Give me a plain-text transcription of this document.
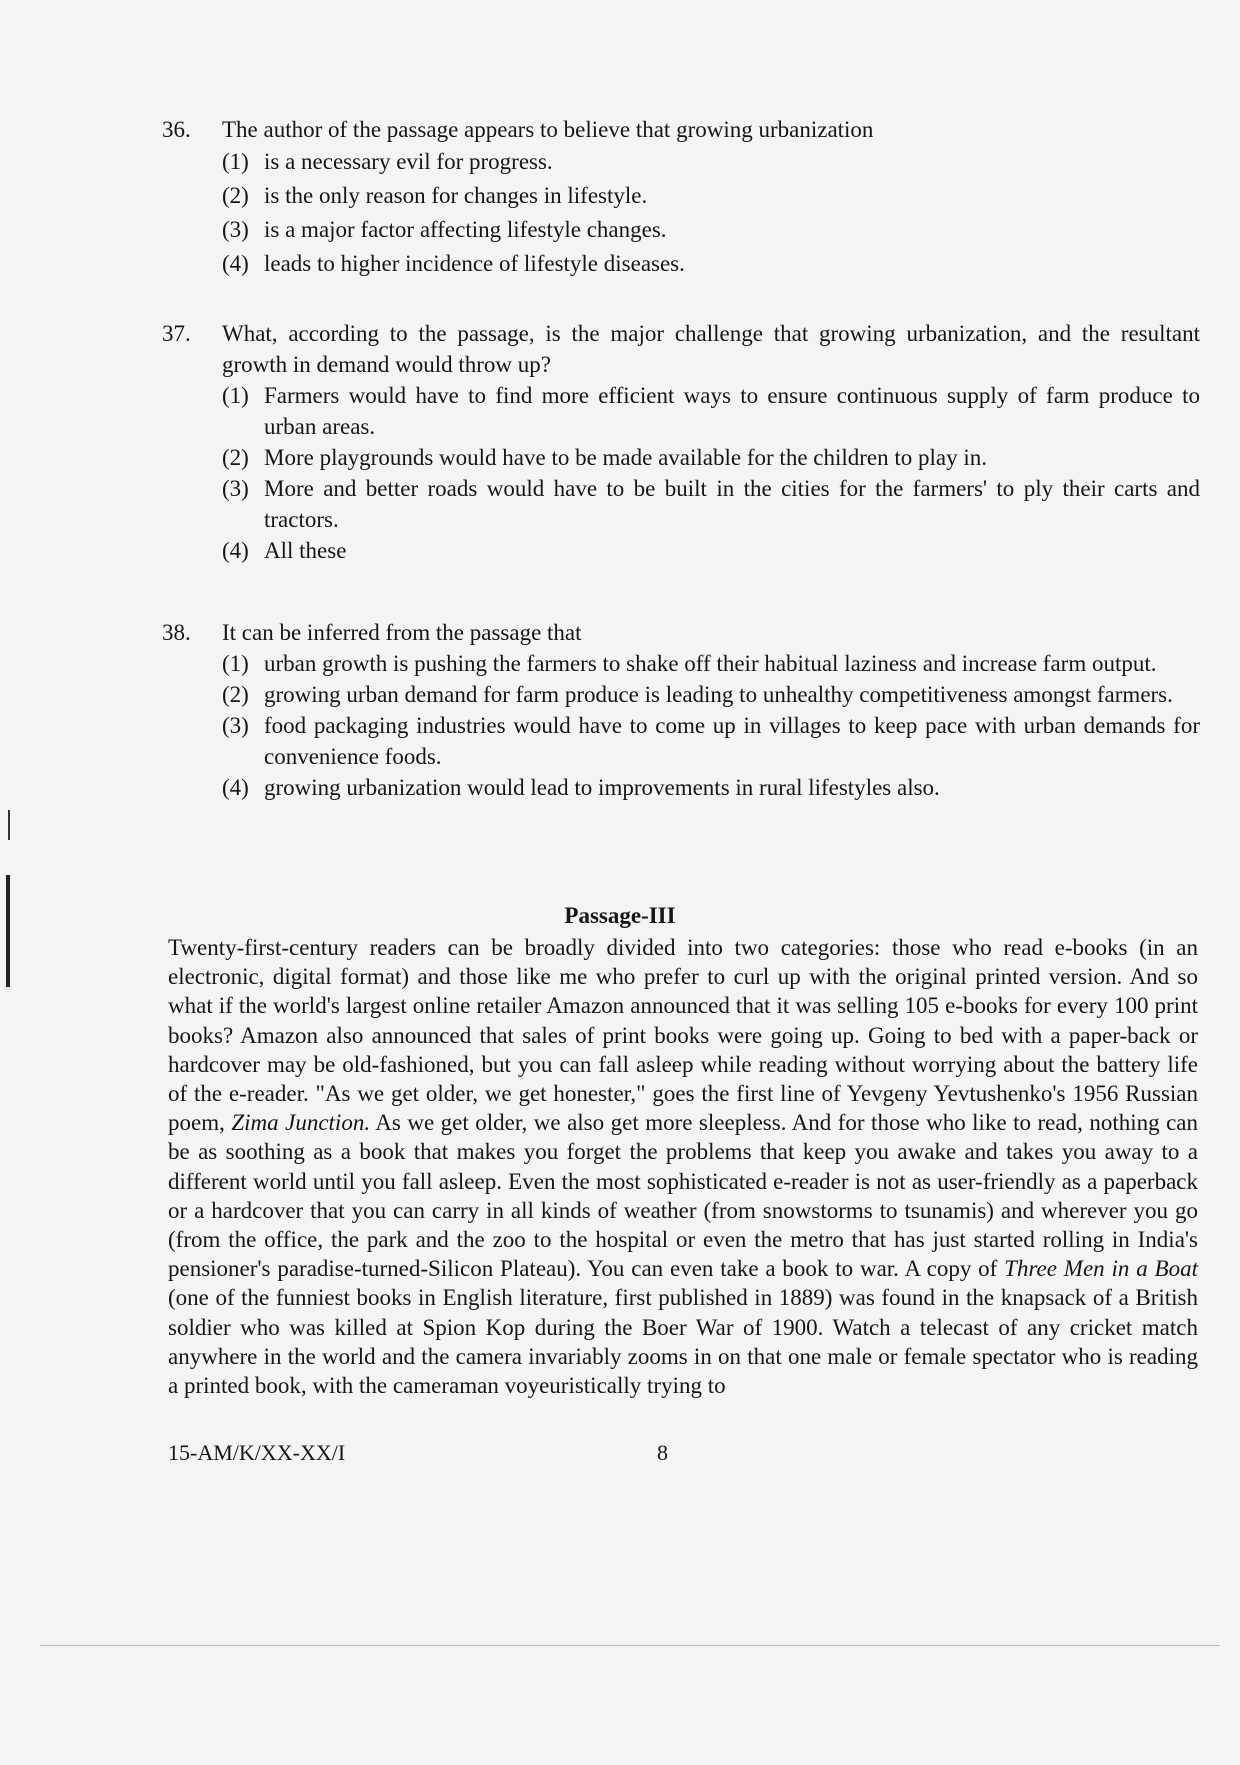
36. The author of the passage appears to believe that growing urbanization
(1) is a necessary evil for progress.
(2) is the only reason for changes in lifestyle.
(3) is a major factor affecting lifestyle changes.
(4) leads to higher incidence of lifestyle diseases.
37. What, according to the passage, is the major challenge that growing urbanization, and the resultant growth in demand would throw up?
(1) Farmers would have to find more efficient ways to ensure continuous supply of farm produce to urban areas.
(2) More playgrounds would have to be made available for the children to play in.
(3) More and better roads would have to be built in the cities for the farmers' to ply their carts and tractors.
(4) All these
38. It can be inferred from the passage that
(1) urban growth is pushing the farmers to shake off their habitual laziness and increase farm output.
(2) growing urban demand for farm produce is leading to unhealthy competitiveness amongst farmers.
(3) food packaging industries would have to come up in villages to keep pace with urban demands for convenience foods.
(4) growing urbanization would lead to improvements in rural lifestyles also.
Passage-III
Twenty-first-century readers can be broadly divided into two categories: those who read e-books (in an electronic, digital format) and those like me who prefer to curl up with the original printed version. And so what if the world's largest online retailer Amazon announced that it was selling 105 e-books for every 100 print books? Amazon also announced that sales of print books were going up. Going to bed with a paper-back or hardcover may be old-fashioned, but you can fall asleep while reading without worrying about the battery life of the e-reader. "As we get older, we get honester," goes the first line of Yevgeny Yevtushenko's 1956 Russian poem, Zima Junction. As we get older, we also get more sleepless. And for those who like to read, nothing can be as soothing as a book that makes you forget the problems that keep you awake and takes you away to a different world until you fall asleep. Even the most sophisticated e-reader is not as user-friendly as a paperback or a hardcover that you can carry in all kinds of weather (from snowstorms to tsunamis) and wherever you go (from the office, the park and the zoo to the hospital or even the metro that has just started rolling in India's pensioner's paradise-turned-Silicon Plateau). You can even take a book to war. A copy of Three Men in a Boat (one of the funniest books in English literature, first published in 1889) was found in the knapsack of a British soldier who was killed at Spion Kop during the Boer War of 1900. Watch a telecast of any cricket match anywhere in the world and the camera invariably zooms in on that one male or female spectator who is reading a printed book, with the cameraman voyeuristically trying to
15-AM/K/XX-XX/I	8
